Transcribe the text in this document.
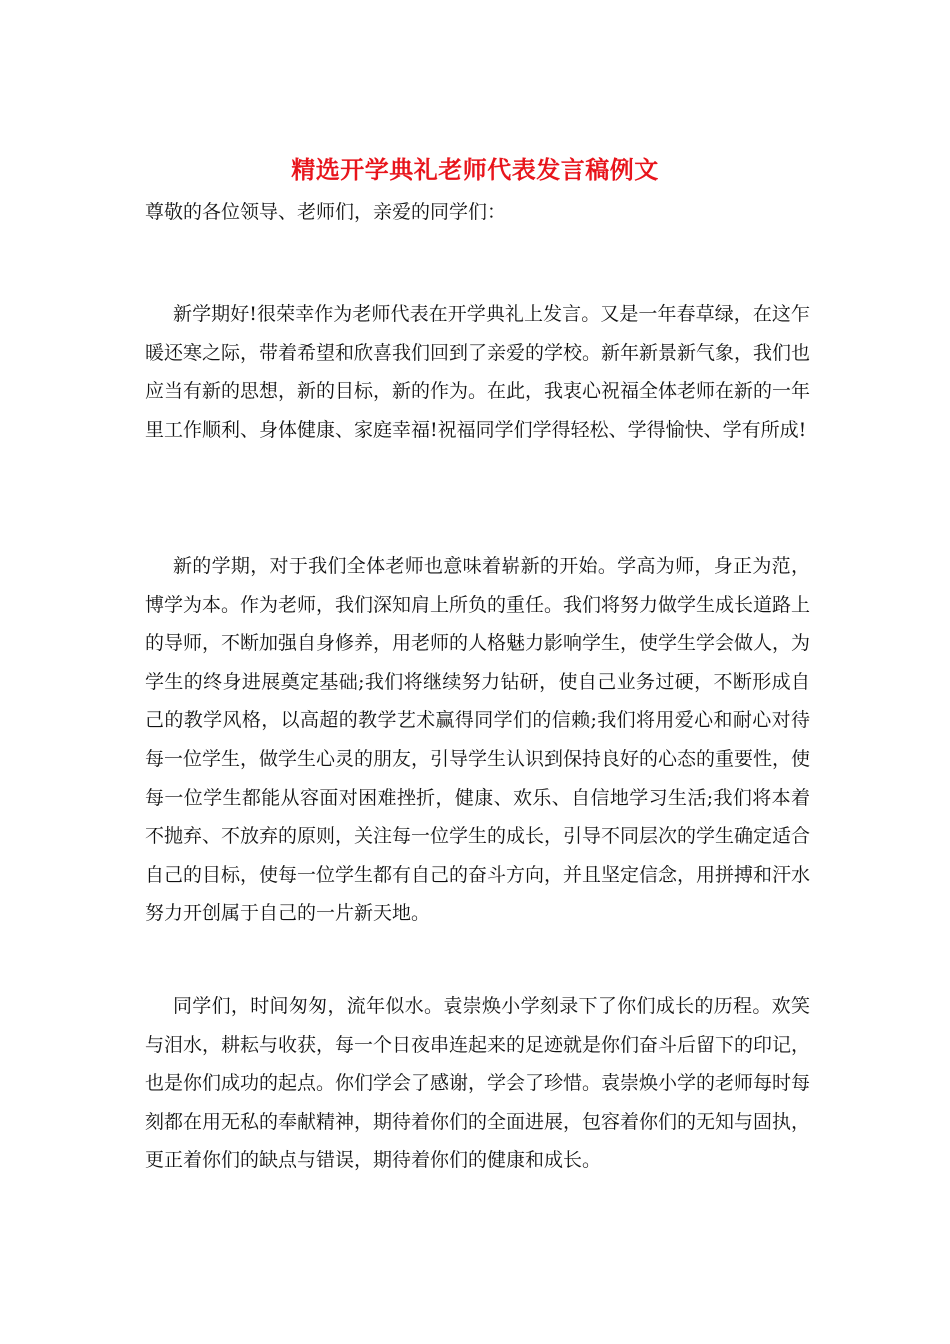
精选开学典礼老师代表发言稿例文
尊敬的各位领导、老师们，亲爱的同学们：

新学期好!很荣幸作为老师代表在开学典礼上发言。又是一年春草绿，在这乍暖还寒之际，带着希望和欣喜我们回到了亲爱的学校。新年新景新气象，我们也应当有新的思想，新的目标，新的作为。在此，我衷心祝福全体老师在新的一年里工作顺利、身体健康、家庭幸福!祝福同学们学得轻松、学得愉快、学有所成!

新的学期，对于我们全体老师也意味着崭新的开始。学高为师，身正为范，博学为本。作为老师，我们深知肩上所负的重任。我们将努力做学生成长道路上的导师，不断加强自身修养，用老师的人格魅力影响学生，使学生学会做人，为学生的终身进展奠定基础;我们将继续努力钻研，使自己业务过硬，不断形成自己的教学风格，以高超的教学艺术赢得同学们的信赖;我们将用爱心和耐心对待每一位学生，做学生心灵的朋友，引导学生认识到保持良好的心态的重要性，使每一位学生都能从容面对困难挫折，健康、欢乐、自信地学习生活;我们将本着不抛弃、不放弃的原则，关注每一位学生的成长，引导不同层次的学生确定适合自己的目标，使每一位学生都有自己的奋斗方向，并且坚定信念，用拼搏和汗水努力开创属于自己的一片新天地。

同学们，时间匆匆，流年似水。袁崇焕小学刻录下了你们成长的历程。欢笑与泪水，耕耘与收获，每一个日夜串连起来的足迹就是你们奋斗后留下的印记，也是你们成功的起点。你们学会了感谢，学会了珍惜。袁崇焕小学的老师每时每刻都在用无私的奉献精神，期待着你们的全面进展，包容着你们的无知与固执，更正着你们的缺点与错误，期待着你们的健康和成长。
